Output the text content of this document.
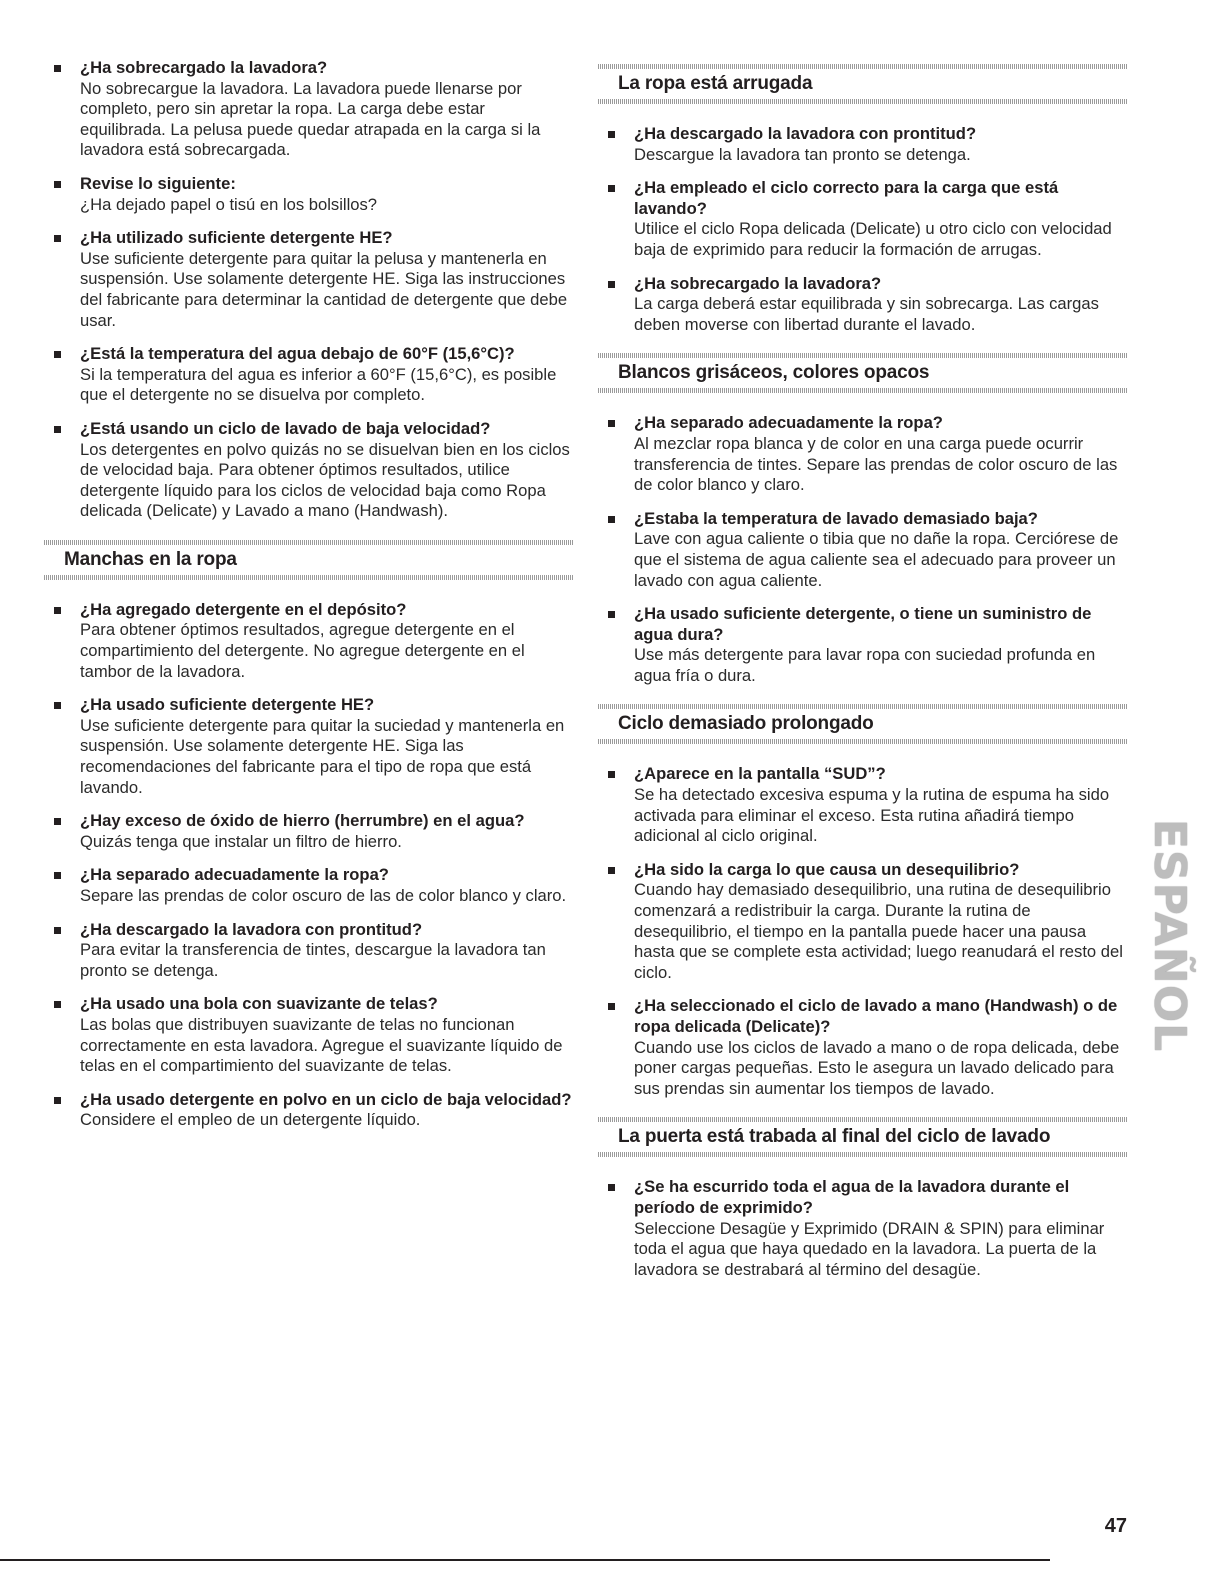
¿Ha sobrecargado la lavadora?
No sobrecargue la lavadora. La lavadora puede llenarse por completo, pero sin apretar la ropa. La carga debe estar equilibrada. La pelusa puede quedar atrapada en la carga si la lavadora está sobrecargada.
Revise lo siguiente:
¿Ha dejado papel o tisú en los bolsillos?
¿Ha utilizado suficiente detergente HE?
Use suficiente detergente para quitar la pelusa y mantenerla en suspensión. Use solamente detergente HE. Siga las instrucciones del fabricante para determinar la cantidad de detergente que debe usar.
¿Está la temperatura del agua debajo de 60°F (15,6°C)?
Si la temperatura del agua es inferior a 60°F (15,6°C), es posible que el detergente no se disuelva por completo.
¿Está usando un ciclo de lavado de baja velocidad?
Los detergentes en polvo quizás no se disuelvan bien en los ciclos de velocidad baja. Para obtener óptimos resultados, utilice detergente líquido para los ciclos de velocidad baja como Ropa delicada (Delicate) y Lavado a mano (Handwash).
Manchas en la ropa
¿Ha agregado detergente en el depósito?
Para obtener óptimos resultados, agregue detergente en el compartimiento del detergente. No agregue detergente en el tambor de la lavadora.
¿Ha usado suficiente detergente HE?
Use suficiente detergente para quitar la suciedad y mantenerla en suspensión. Use solamente detergente HE. Siga las recomendaciones del fabricante para el tipo de ropa que está lavando.
¿Hay exceso de óxido de hierro (herrumbre) en el agua?
Quizás tenga que instalar un filtro de hierro.
¿Ha separado adecuadamente la ropa?
Separe las prendas de color oscuro de las de color blanco y claro.
¿Ha descargado la lavadora con prontitud?
Para evitar la transferencia de tintes, descargue la lavadora tan pronto se detenga.
¿Ha usado una bola con suavizante de telas?
Las bolas que distribuyen suavizante de telas no funcionan correctamente en esta lavadora. Agregue el suavizante líquido de telas en el compartimiento del suavizante de telas.
¿Ha usado detergente en polvo en un ciclo de baja velocidad?
Considere el empleo de un detergente líquido.
La ropa está arrugada
¿Ha descargado la lavadora con prontitud?
Descargue la lavadora tan pronto se detenga.
¿Ha empleado el ciclo correcto para la carga que está lavando?
Utilice el ciclo Ropa delicada (Delicate) u otro ciclo con velocidad baja de exprimido para reducir la formación de arrugas.
¿Ha sobrecargado la lavadora?
La carga deberá estar equilibrada y sin sobrecarga. Las cargas deben moverse con libertad durante el lavado.
Blancos grisáceos, colores opacos
¿Ha separado adecuadamente la ropa?
Al mezclar ropa blanca y de color en una carga puede ocurrir transferencia de tintes. Separe las prendas de color oscuro de las de color blanco y claro.
¿Estaba la temperatura de lavado demasiado baja?
Lave con agua caliente o tibia que no dañe la ropa. Cerciórese de que el sistema de agua caliente sea el adecuado para proveer un lavado con agua caliente.
¿Ha usado suficiente detergente, o tiene un suministro de agua dura?
Use más detergente para lavar ropa con suciedad profunda en agua fría o dura.
Ciclo demasiado prolongado
¿Aparece en la pantalla “SUD”?
Se ha detectado excesiva espuma y la rutina de espuma ha sido activada para eliminar el exceso. Esta rutina añadirá tiempo adicional al ciclo original.
¿Ha sido la carga lo que causa un desequilibrio?
Cuando hay demasiado desequilibrio, una rutina de desequilibrio comenzará a redistribuir la carga. Durante la rutina de desequilibrio, el tiempo en la pantalla puede hacer una pausa hasta que se complete esta actividad; luego reanudará el resto del ciclo.
¿Ha seleccionado el ciclo de lavado a mano (Handwash) o de ropa delicada (Delicate)?
Cuando use los ciclos de lavado a mano o de ropa delicada, debe poner cargas pequeñas. Esto le asegura un lavado delicado para sus prendas sin aumentar los tiempos de lavado.
La puerta está trabada al final del ciclo de lavado
¿Se ha escurrido toda el agua de la lavadora durante el período de exprimido?
Seleccione Desagüe y Exprimido (DRAIN & SPIN) para eliminar toda el agua que haya quedado en la lavadora. La puerta de la lavadora se destrabará al término del desagüe.
ESPAÑOL
47
